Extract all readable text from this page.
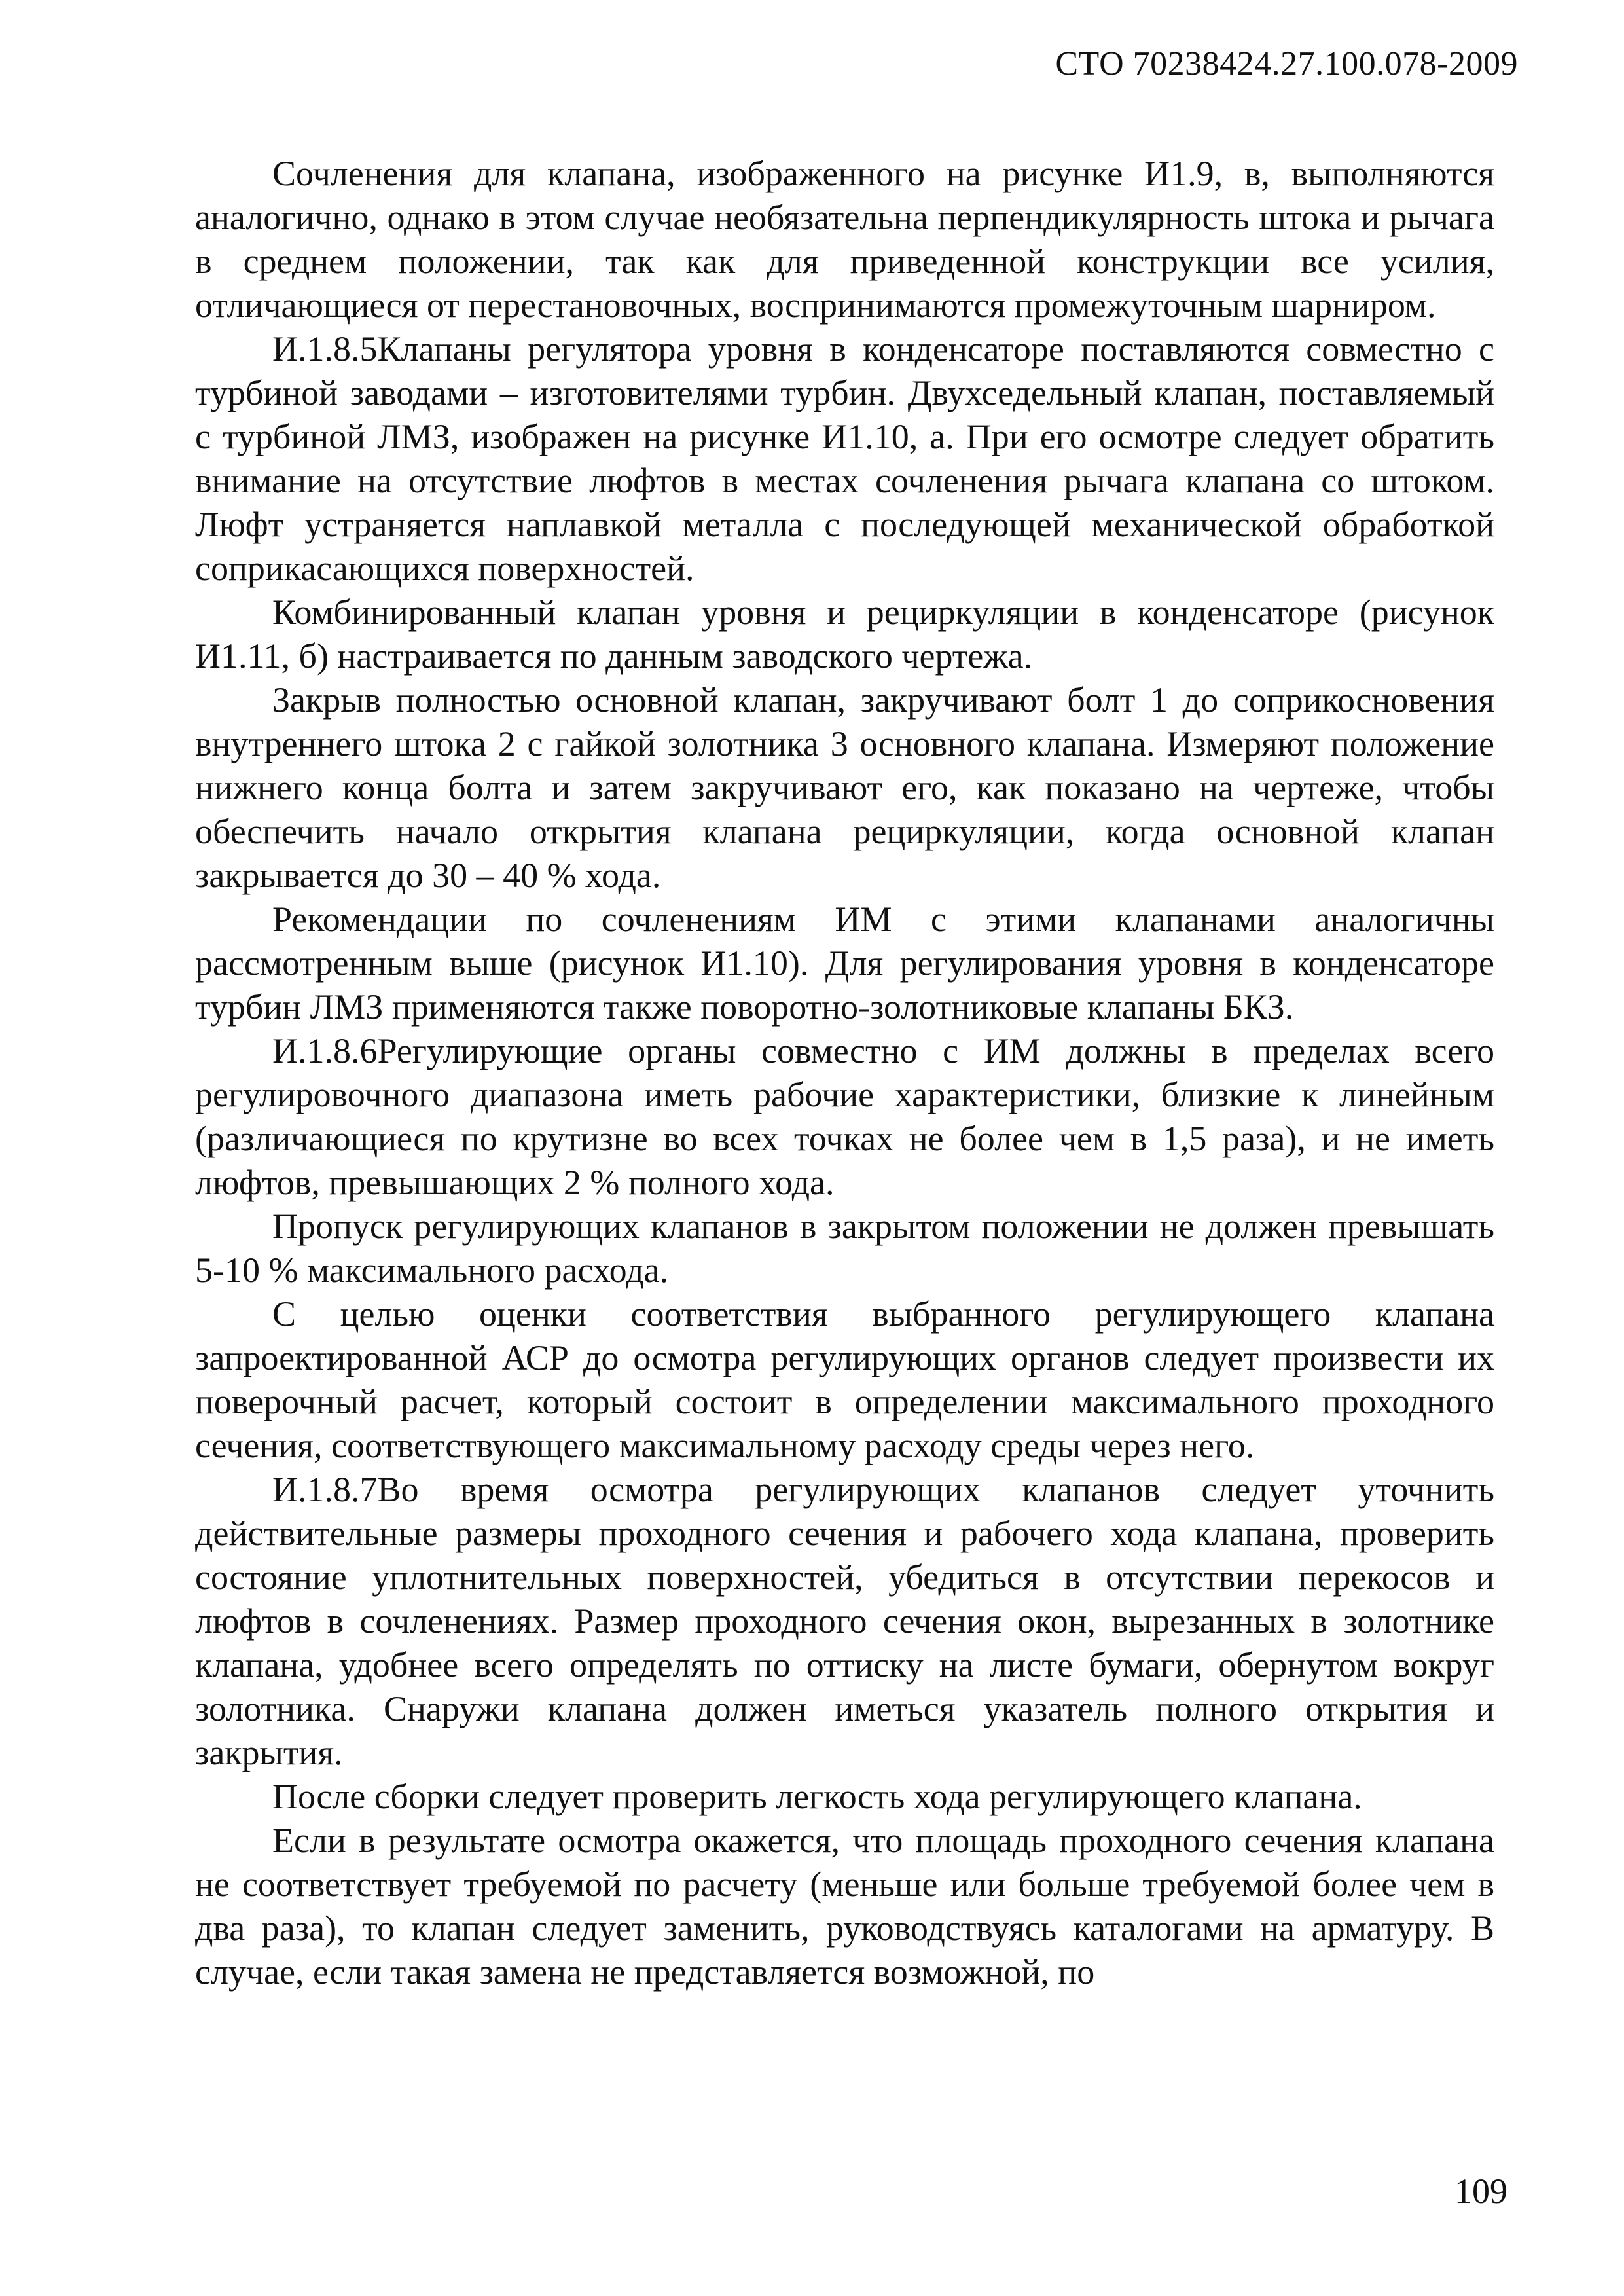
СТО 70238424.27.100.078-2009

Сочленения для клапана, изображенного на рисунке И1.9, в, выполняются аналогично, однако в этом случае необязательна перпендикулярность штока и рычага в среднем положении, так как для приведенной конструкции все усилия, отличающиеся от перестановочных, воспринимаются промежуточным шарниром.

И.1.8.5Клапаны регулятора уровня в конденсаторе поставляются совместно с турбиной заводами – изготовителями турбин. Двухседельный клапан, поставляемый с турбиной ЛМЗ, изображен на рисунке И1.10, а. При его осмотре следует обратить внимание на отсутствие люфтов в местах сочленения рычага клапана со штоком. Люфт устраняется наплавкой металла с последующей механической обработкой соприкасающихся поверхностей.

Комбинированный клапан уровня и рециркуляции в конденсаторе (рисунок И1.11, б) настраивается по данным заводского чертежа.

Закрыв полностью основной клапан, закручивают болт 1 до соприкосновения внутреннего штока 2 с гайкой золотника 3 основного клапана. Измеряют положение нижнего конца болта и затем закручивают его, как показано на чертеже, чтобы обеспечить начало открытия клапана рециркуляции, когда основной клапан закрывается до 30 – 40 % хода.

Рекомендации по сочленениям ИМ с этими клапанами аналогичны рассмотренным выше (рисунок И1.10). Для регулирования уровня в конденсаторе турбин ЛМЗ применяются также поворотно-золотниковые клапаны БКЗ.

И.1.8.6Регулирующие органы совместно с ИМ должны в пределах всего регулировочного диапазона иметь рабочие характеристики, близкие к линейным (различающиеся по крутизне во всех точках не более чем в 1,5 раза), и не иметь люфтов, превышающих 2 % полного хода.

Пропуск регулирующих клапанов в закрытом положении не должен превышать 5-10 % максимального расхода.

С целью оценки соответствия выбранного регулирующего клапана запроектированной АСР до осмотра регулирующих органов следует произвести их поверочный расчет, который состоит в определении максимального проходного сечения, соответствующего максимальному расходу среды через него.

И.1.8.7Во время осмотра регулирующих клапанов следует уточнить действительные размеры проходного сечения и рабочего хода клапана, проверить состояние уплотнительных поверхностей, убедиться в отсутствии перекосов и люфтов в сочленениях. Размер проходного сечения окон, вырезанных в золотнике клапана, удобнее всего определять по оттиску на листе бумаги, обернутом вокруг золотника. Снаружи клапана должен иметься указатель полного открытия и закрытия.

После сборки следует проверить легкость хода регулирующего клапана.

Если в результате осмотра окажется, что площадь проходного сечения клапана не соответствует требуемой по расчету (меньше или больше требуемой более чем в два раза), то клапан следует заменить, руководствуясь каталогами на арматуру. В случае, если такая замена не представляется возможной, по

109
